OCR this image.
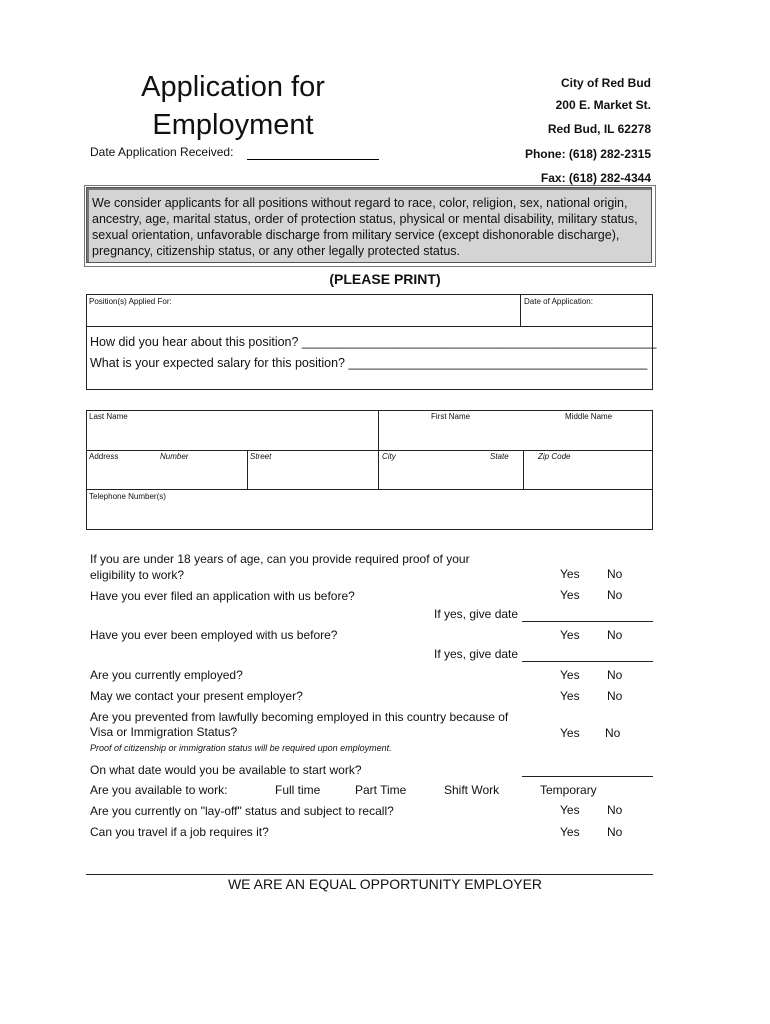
Application for
Employment
Date Application Received:
City of Red Bud
200 E. Market St.
Red Bud, IL 62278
Phone: (618) 282-2315
Fax: (618) 282-4344
We consider applicants for all positions without regard to race, color, religion, sex, national origin, ancestry, age, marital status, order of protection status, physical or mental disability, military status, sexual orientation, unfavorable discharge from military service (except dishonorable discharge), pregnancy, citizenship status, or any other legally protected status.
(PLEASE PRINT)
Position(s) Applied For:	Date of Application:
How did you hear about this position? ___________________________________________________
What is your expected salary for this position? ___________________________________________
Last Name	First Name	Middle Name
Address	Number	Street	City	State	Zip Code
Telephone Number(s)
If you are under 18 years of age, can you provide required proof of your
eligibility to work?	Yes No
Have you ever filed an application with us before?	Yes No
If yes, give date
Have you ever been employed with us before?	Yes No
If yes, give date
Are you currently employed?	Yes No
May we contact your present employer?	Yes No
Are you prevented from lawfully becoming employed in this country because of
Visa or Immigration Status?	Yes No
Proof of citizenship or immigration status will be required upon employment.
On what date would you be available to start work?
Are you available to work:	Full time	Part Time	Shift Work	Temporary
Are you currently on "lay-off" status and subject to recall?	Yes No
Can you travel if a job requires it?	Yes No
WE ARE AN EQUAL OPPORTUNITY EMPLOYER
